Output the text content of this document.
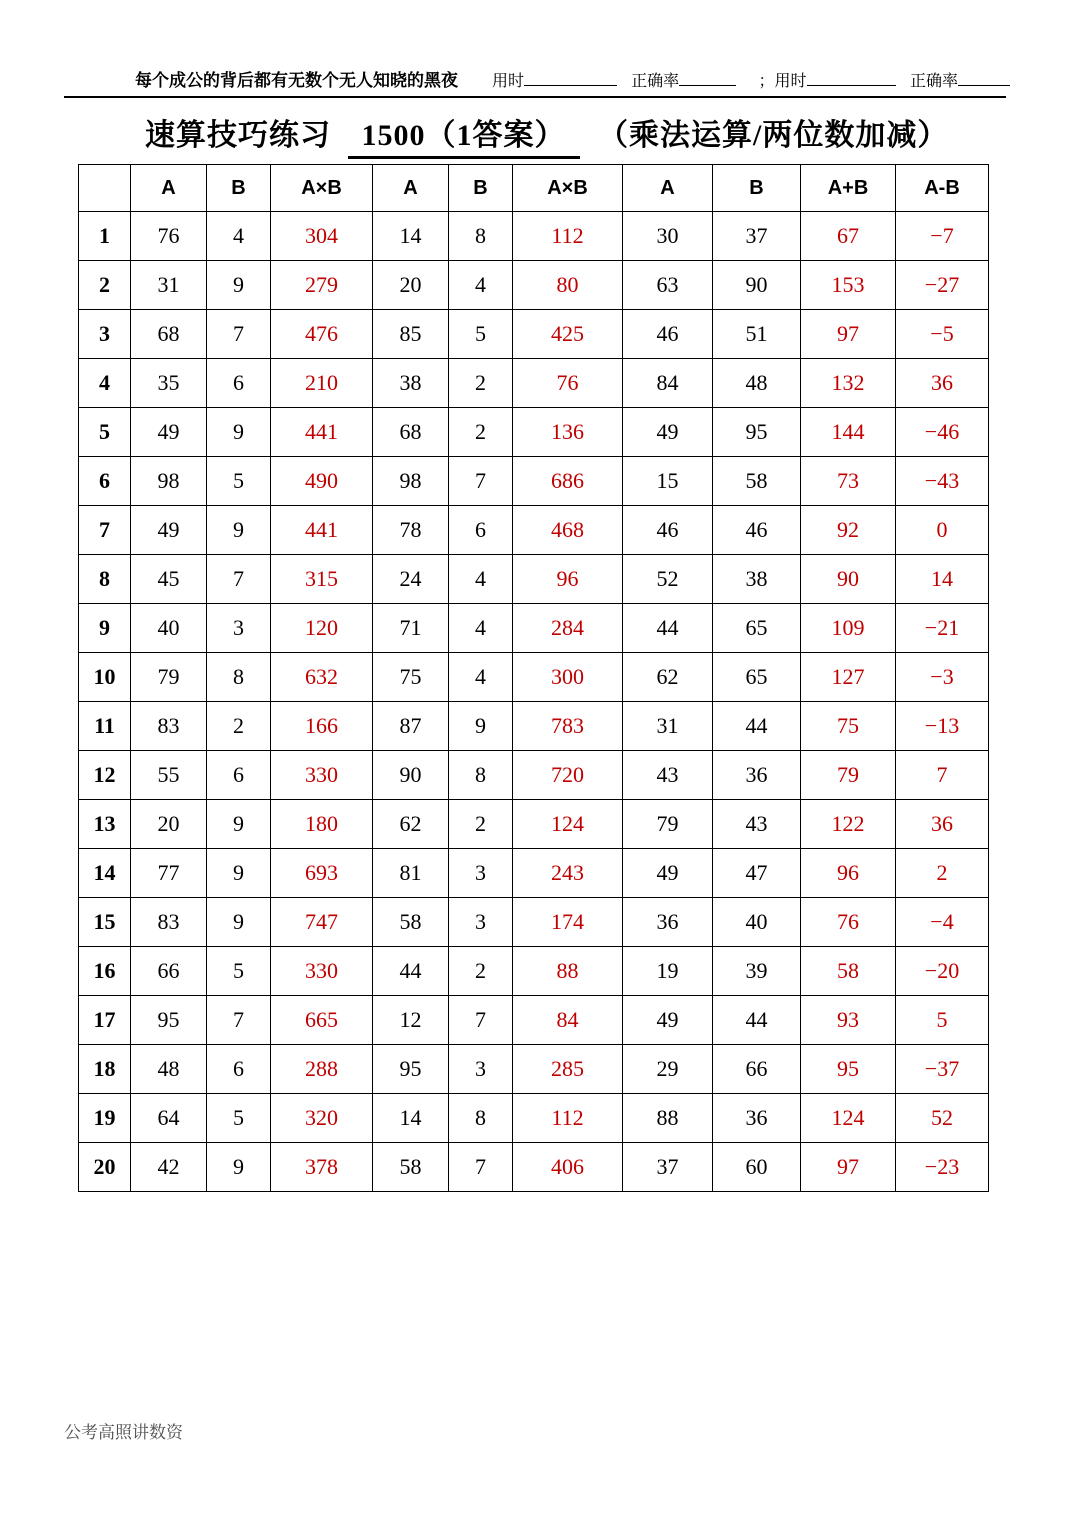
每个成公的背后都有无数个无人知晓的黑夜 用时	正确率	； 用时	正确率
速算技巧练习 1500（1答案） （乘法运算/两位数加减）
	A	B	A×B	A	B	A×B	A	B	A+B	A-B
1	76	4	304	14	8	112	30	37	67	−7
2	31	9	279	20	4	80	63	90	153	−27
3	68	7	476	85	5	425	46	51	97	−5
4	35	6	210	38	2	76	84	48	132	36
5	49	9	441	68	2	136	49	95	144	−46
6	98	5	490	98	7	686	15	58	73	−43
7	49	9	441	78	6	468	46	46	92	0
8	45	7	315	24	4	96	52	38	90	14
9	40	3	120	71	4	284	44	65	109	−21
10	79	8	632	75	4	300	62	65	127	−3
11	83	2	166	87	9	783	31	44	75	−13
12	55	6	330	90	8	720	43	36	79	7
13	20	9	180	62	2	124	79	43	122	36
14	77	9	693	81	3	243	49	47	96	2
15	83	9	747	58	3	174	36	40	76	−4
16	66	5	330	44	2	88	19	39	58	−20
17	95	7	665	12	7	84	49	44	93	5
18	48	6	288	95	3	285	29	66	95	−37
19	64	5	320	14	8	112	88	36	124	52
20	42	9	378	58	7	406	37	60	97	−23
公考高照讲数资
